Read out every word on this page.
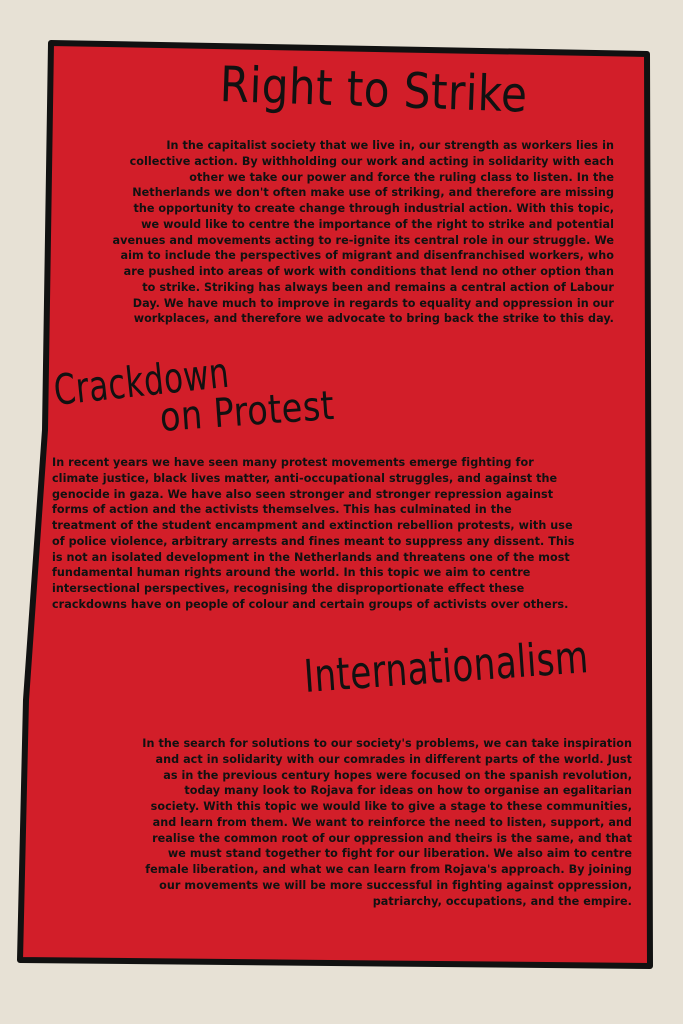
Right to Strike

In the capitalist society that we live in, our strength as workers lies in collective action. By withholding our work and acting in solidarity with each other we take our power and force the ruling class to listen. In the Netherlands we don't often make use of striking, and therefore are missing the opportunity to create change through industrial action. With this topic, we would like to centre the importance of the right to strike and potential avenues and movements acting to re-ignite its central role in our struggle. We aim to include the perspectives of migrant and disenfranchised workers, who are pushed into areas of work with conditions that lend no other option than to strike. Striking has always been and remains a central action of Labour Day. We have much to improve in regards to equality and oppression in our workplaces, and therefore we advocate to bring back the strike to this day.

Crackdown
on Protest

In recent years we have seen many protest movements emerge fighting for climate justice, black lives matter, anti-occupational struggles, and against the genocide in gaza. We have also seen stronger and stronger repression against forms of action and the activists themselves. This has culminated in the treatment of the student encampment and extinction rebellion protests, with use of police violence, arbitrary arrests and fines meant to suppress any dissent. This is not an isolated development in the Netherlands and threatens one of the most fundamental human rights around the world. In this topic we aim to centre intersectional perspectives, recognising the disproportionate effect these crackdowns have on people of colour and certain groups of activists over others.

Internationalism

In the search for solutions to our society's problems, we can take inspiration and act in solidarity with our comrades in different parts of the world. Just as in the previous century hopes were focused on the spanish revolution, today many look to Rojava for ideas on how to organise an egalitarian society. With this topic we would like to give a stage to these communities, and learn from them. We want to reinforce the need to listen, support, and realise the common root of our oppression and theirs is the same, and that we must stand together to fight for our liberation. We also aim to centre female liberation, and what we can learn from Rojava's approach. By joining our movements we will be more successful in fighting against oppression, patriarchy, occupations, and the empire.
